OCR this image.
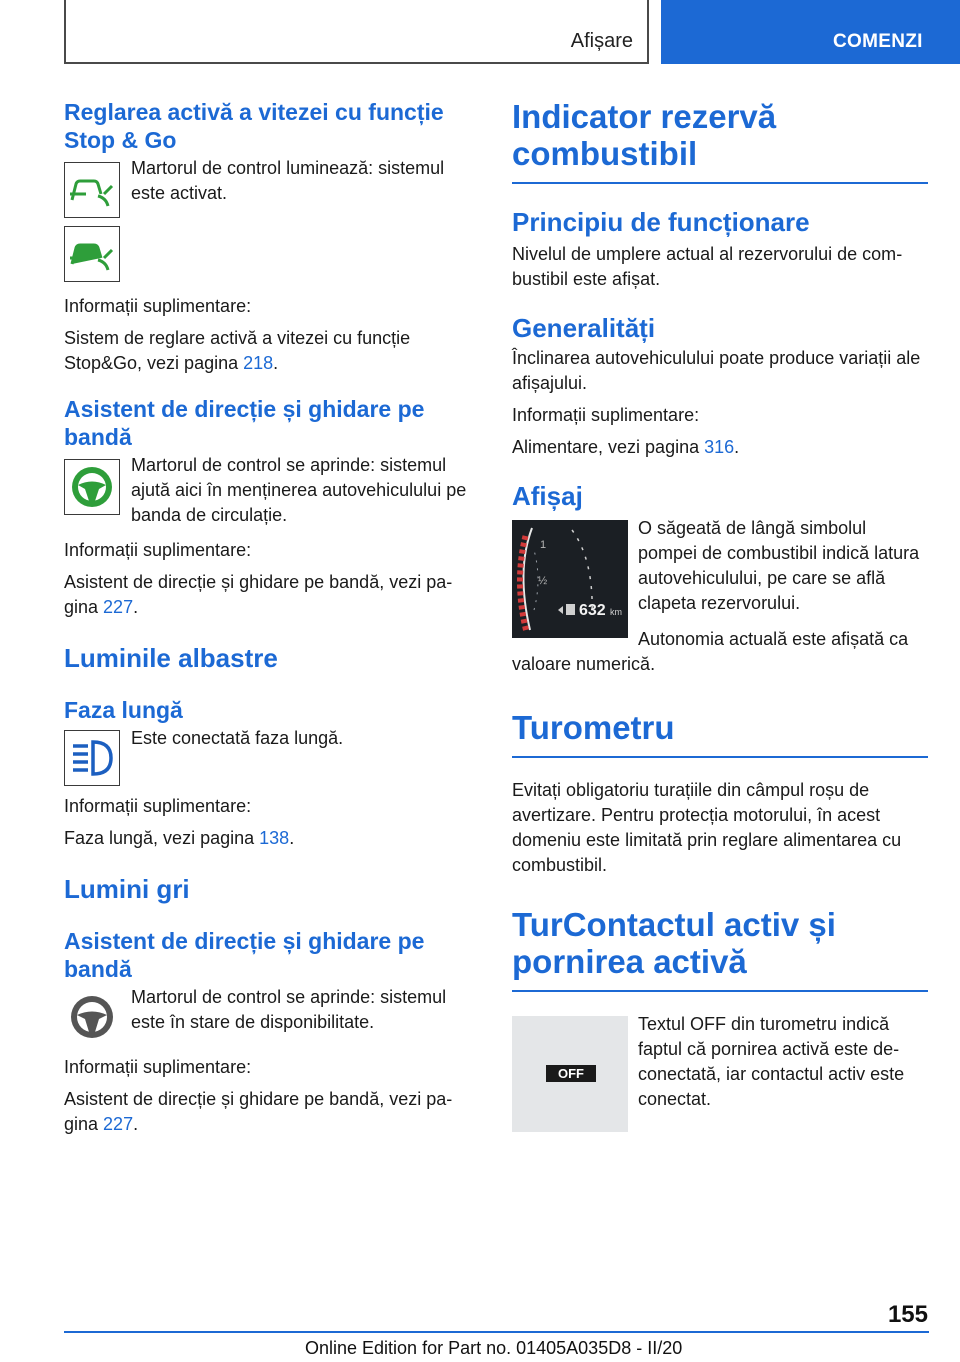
Afișare	COMENZI
Reglarea activă a vitezei cu funcție Stop & Go
Martorul de control luminează: sistemul este activat.
Informații suplimentare:
Sistem de reglare activă a vitezei cu funcție Stop&Go, vezi pagina 218.
Asistent de direcție și ghidare pe bandă
Martorul de control se aprinde: sistemul ajută aici în menținerea autovehiculului pe banda de circulație.
Informații suplimentare:
Asistent de direcție și ghidare pe bandă, vezi pagina 227.
Luminile albastre
Faza lungă
Este conectată faza lungă.
Informații suplimentare:
Faza lungă, vezi pagina 138.
Lumini gri
Asistent de direcție și ghidare pe bandă
Martorul de control se aprinde: sistemul este în stare de disponibilitate.
Informații suplimentare:
Asistent de direcție și ghidare pe bandă, vezi pagina 227.
Indicator rezervă combustibil
Principiu de funcționare
Nivelul de umplere actual al rezervorului de combustibil este afișat.
Generalități
Înclinarea autovehiculului poate produce variații ale afișajului.
Informații suplimentare:
Alimentare, vezi pagina 316.
Afișaj
1
½
632 km
O săgeată de lângă simbolul pompei de combustibil indică latura autovehiculului, pe care se află clapeta rezervorului.
Autonomia actuală este afișată ca valoare numerică.
Turometru
Evitați obligatoriu turațiile din câmpul roșu de avertizare. Pentru protecția motorului, în acest domeniu este limitată prin reglare alimentarea cu combustibil.
TurContactul activ și pornirea activă
OFF
Textul OFF din turometru indică faptul că pornirea activă este deconectată, iar contactul activ este conectat.
155
Online Edition for Part no. 01405A035D8 - II/20
